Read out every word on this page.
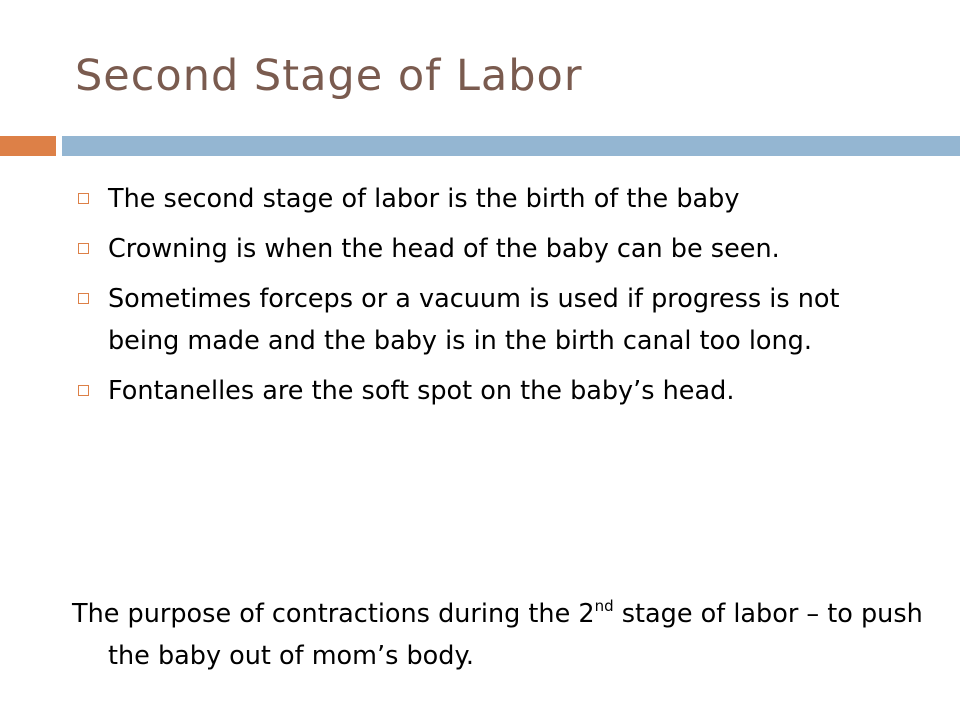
Second Stage of Labor
The second stage of labor is the birth of the baby
Crowning is when the head of the baby can be seen.
Sometimes forceps or a vacuum is used if progress is not being made and the baby is in the birth canal too long.
Fontanelles are the soft spot on the baby’s head.
The purpose of contractions during the 2nd stage of labor – to push the baby out of mom’s body.
